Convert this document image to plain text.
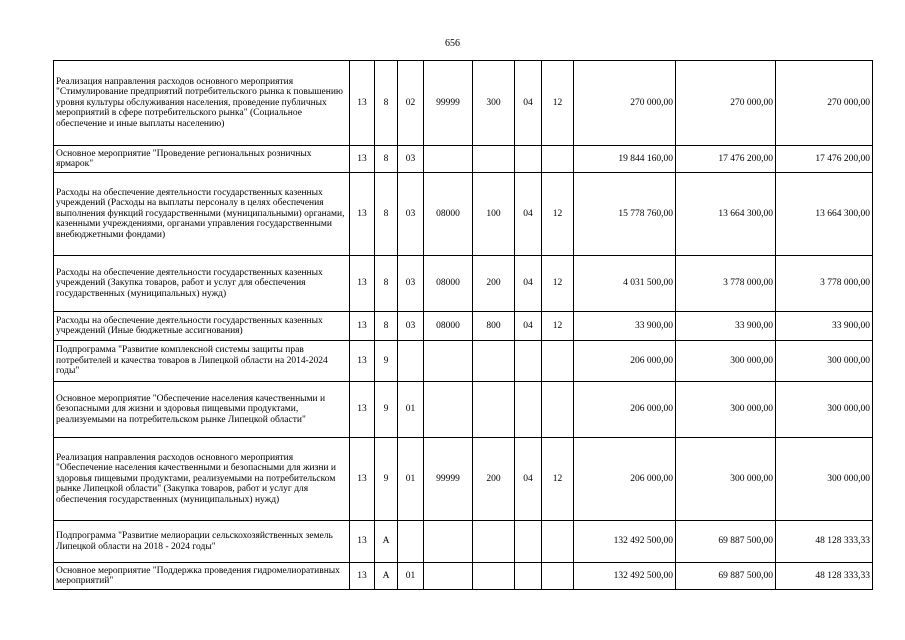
656
Реализация направления расходов основного мероприятия "Стимулирование предприятий потребительского рынка к повышению уровня культуры обслуживания населения, проведение публичных мероприятий в сфере потребительского рынка" (Социальное обеспечение и иные выплаты населению)	13	8	02	99999	300	04	12	270 000,00	270 000,00	270 000,00
Основное мероприятие "Проведение региональных розничных ярмарок"	13	8	03					19 844 160,00	17 476 200,00	17 476 200,00
Расходы на обеспечение деятельности государственных казенных учреждений (Расходы на выплаты персоналу в целях обеспечения выполнения функций государственными (муниципальными) органами, казенными учреждениями, органами управления государственными внебюджетными фондами)	13	8	03	08000	100	04	12	15 778 760,00	13 664 300,00	13 664 300,00
Расходы на обеспечение деятельности государственных казенных учреждений (Закупка товаров, работ и услуг для обеспечения государственных (муниципальных) нужд)	13	8	03	08000	200	04	12	4 031 500,00	3 778 000,00	3 778 000,00
Расходы на обеспечение деятельности государственных казенных учреждений (Иные бюджетные ассигнования)	13	8	03	08000	800	04	12	33 900,00	33 900,00	33 900,00
Подпрограмма "Развитие комплексной системы защиты прав потребителей и качества товаров в Липецкой области на 2014-2024 годы"	13	9						206 000,00	300 000,00	300 000,00
Основное мероприятие "Обеспечение населения качественными и безопасными для жизни и здоровья пищевыми продуктами, реализуемыми на потребительском рынке Липецкой области"	13	9	01					206 000,00	300 000,00	300 000,00
Реализация направления расходов основного мероприятия "Обеспечение населения качественными и безопасными для жизни и здоровья пищевыми продуктами, реализуемыми на потребительском рынке Липецкой области" (Закупка товаров, работ и услуг для обеспечения государственных (муниципальных) нужд)	13	9	01	99999	200	04	12	206 000,00	300 000,00	300 000,00
Подпрограмма "Развитие мелиорации сельскохозяйственных земель Липецкой области на 2018 - 2024 годы"	13	А						132 492 500,00	69 887 500,00	48 128 333,33
Основное мероприятие "Поддержка проведения гидромелиоративных мероприятий"	13	А	01					132 492 500,00	69 887 500,00	48 128 333,33
